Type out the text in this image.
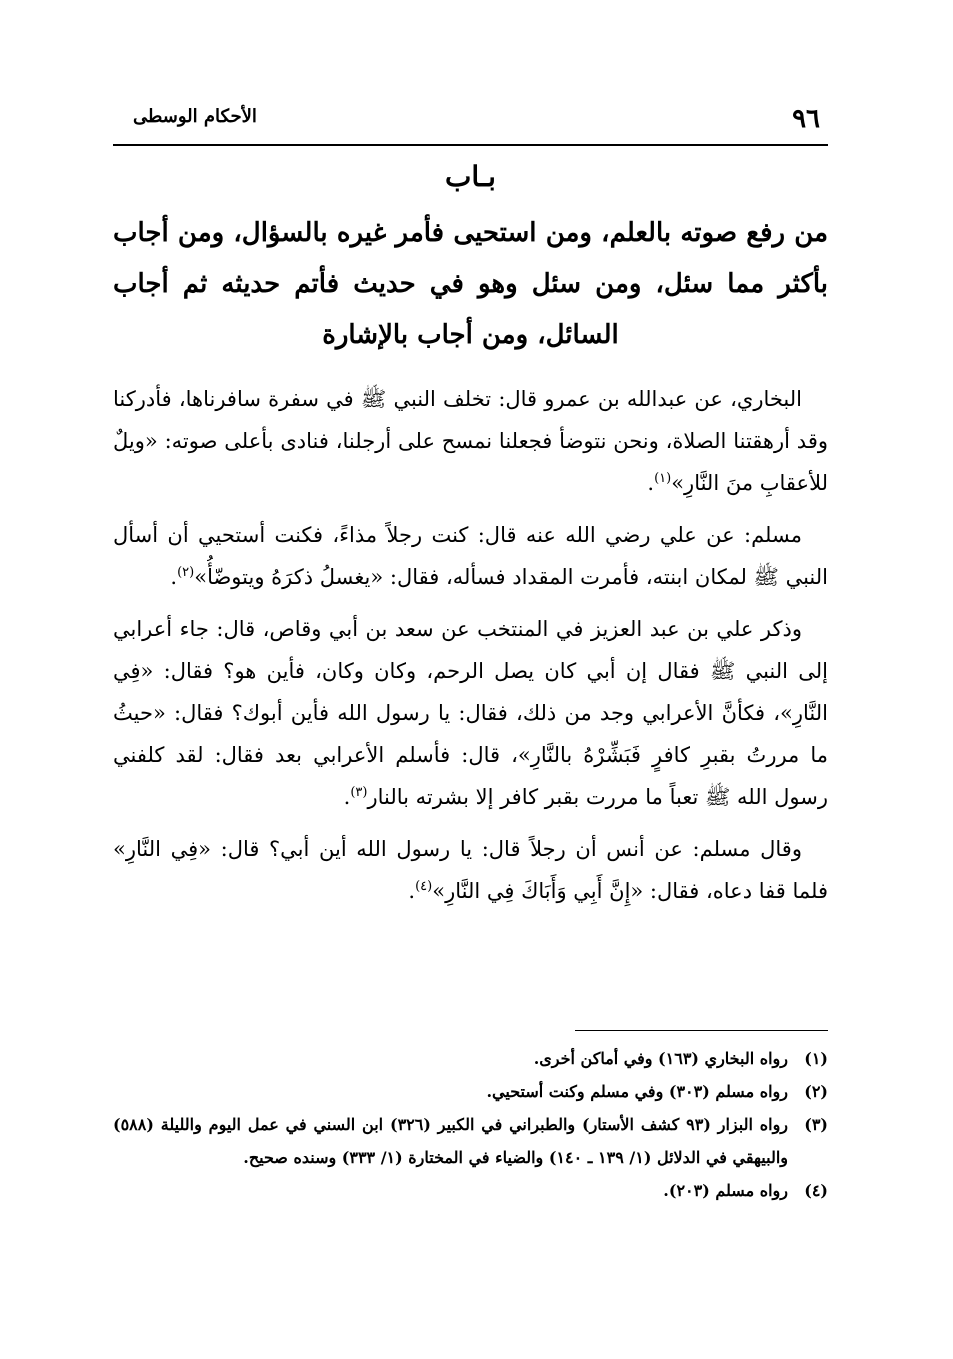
٩٦
الأحكام الوسطى
بـاب
من رفع صوته بالعلم، ومن استحيى فأمر غيره بالسؤال، ومن أجاب بأكثر مما سئل، ومن سئل وهو في حديث فأتم حديثه ثم أجاب السائل، ومن أجاب بالإشارة

البخاري، عن عبدالله بن عمرو قال: تخلف النبي ﷺ في سفرة سافرناها، فأدركنا وقد أرهقتنا الصلاة، ونحن نتوضأ فجعلنا نمسح على أرجلنا، فنادى بأعلى صوته: «ويلٌ للأعقابِ منَ النَّارِ»$^{(١)}$.

مسلم: عن علي رضي الله عنه قال: كنت رجلاً مذاءً، فكنت أستحيي أن أسأل النبي ﷺ لمكان ابنته، فأمرت المقداد فسأله، فقال: «يغسلُ ذكرَهُ ويتوضّأُ»$^{(٢)}$.

وذكر علي بن عبد العزيز في المنتخب عن سعد بن أبي وقاص، قال: جاء أعرابي إلى النبي ﷺ فقال إن أبي كان يصل الرحم، وكان وكان، فأين هو؟ فقال: «فِي النَّارِ»، فكأنَّ الأعرابي وجد من ذلك، فقال: يا رسول الله فأين أبوك؟ فقال: «حيثُ ما مررتُ بقبرِ كافرٍ فَبَشِّرْهُ بالنَّارِ»، قال: فأسلم الأعرابي بعد فقال: لقد كلفني رسول الله ﷺ تعباً ما مررت بقبر كافر إلا بشرته بالنار$^{(٣)}$.

وقال مسلم: عن أنس أن رجلاً قال: يا رسول الله أين أبي؟ قال: «فِي النَّارِ» فلما قفا دعاه، فقال: «إِنَّ أَبِي وَأَبَاكَ فِي النَّارِ»$^{(٤)}$.

(١)
رواه البخاري (١٦٣) وفي أماكن أخرى.
(٢)
رواه مسلم (٣٠٣) وفي مسلم وكنت أستحيي.
(٣)
رواه البزار (٩٣ كشف الأستار) والطبراني في الكبير (٣٢٦) ابن السني في عمل اليوم والليلة (٥٨٨) والبيهقي في الدلائل (١/ ١٣٩ ـ ١٤٠) والضياء في المختارة (١/ ٣٣٣) وسنده صحيح.
(٤)
رواه مسلم (٢٠٣).
